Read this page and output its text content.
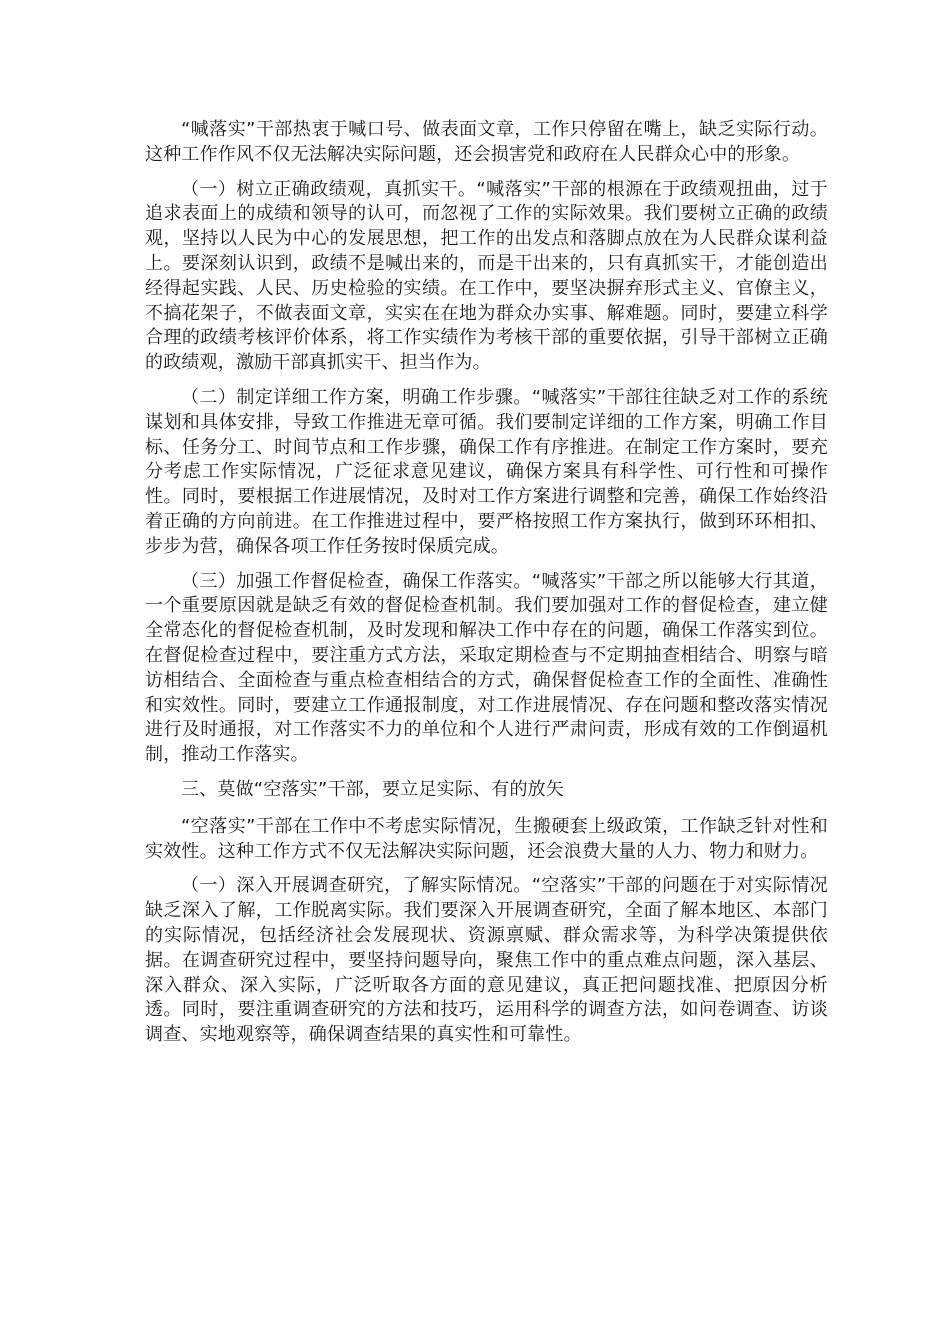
“喊落实”干部热衷于喊口号、做表面文章，工作只停留在嘴上，缺乏实际行动。这种工作作风不仅无法解决实际问题，还会损害党和政府在人民群众心中的形象。

（一）树立正确政绩观，真抓实干。“喊落实”干部的根源在于政绩观扭曲，过于追求表面上的成绩和领导的认可，而忽视了工作的实际效果。我们要树立正确的政绩观，坚持以人民为中心的发展思想，把工作的出发点和落脚点放在为人民群众谋利益上。要深刻认识到，政绩不是喊出来的，而是干出来的，只有真抓实干，才能创造出经得起实践、人民、历史检验的实绩。在工作中，要坚决摒弃形式主义、官僚主义，不搞花架子，不做表面文章，实实在在地为群众办实事、解难题。同时，要建立科学合理的政绩考核评价体系，将工作实绩作为考核干部的重要依据，引导干部树立正确的政绩观，激励干部真抓实干、担当作为。

（二）制定详细工作方案，明确工作步骤。“喊落实”干部往往缺乏对工作的系统谋划和具体安排，导致工作推进无章可循。我们要制定详细的工作方案，明确工作目标、任务分工、时间节点和工作步骤，确保工作有序推进。在制定工作方案时，要充分考虑工作实际情况，广泛征求意见建议，确保方案具有科学性、可行性和可操作性。同时，要根据工作进展情况，及时对工作方案进行调整和完善，确保工作始终沿着正确的方向前进。在工作推进过程中，要严格按照工作方案执行，做到环环相扣、步步为营，确保各项工作任务按时保质完成。

（三）加强工作督促检查，确保工作落实。“喊落实”干部之所以能够大行其道，一个重要原因就是缺乏有效的督促检查机制。我们要加强对工作的督促检查，建立健全常态化的督促检查机制，及时发现和解决工作中存在的问题，确保工作落实到位。在督促检查过程中，要注重方式方法，采取定期检查与不定期抽查相结合、明察与暗访相结合、全面检查与重点检查相结合的方式，确保督促检查工作的全面性、准确性和实效性。同时，要建立工作通报制度，对工作进展情况、存在问题和整改落实情况进行及时通报，对工作落实不力的单位和个人进行严肃问责，形成有效的工作倒逼机制，推动工作落实。

三、莫做“空落实”干部，要立足实际、有的放矢

“空落实”干部在工作中不考虑实际情况，生搬硬套上级政策，工作缺乏针对性和实效性。这种工作方式不仅无法解决实际问题，还会浪费大量的人力、物力和财力。

（一）深入开展调查研究，了解实际情况。“空落实”干部的问题在于对实际情况缺乏深入了解，工作脱离实际。我们要深入开展调查研究，全面了解本地区、本部门的实际情况，包括经济社会发展现状、资源禀赋、群众需求等，为科学决策提供依据。在调查研究过程中，要坚持问题导向，聚焦工作中的重点难点问题，深入基层、深入群众、深入实际，广泛听取各方面的意见建议，真正把问题找准、把原因分析透。同时，要注重调查研究的方法和技巧，运用科学的调查方法，如问卷调查、访谈调查、实地观察等，确保调查结果的真实性和可靠性。
